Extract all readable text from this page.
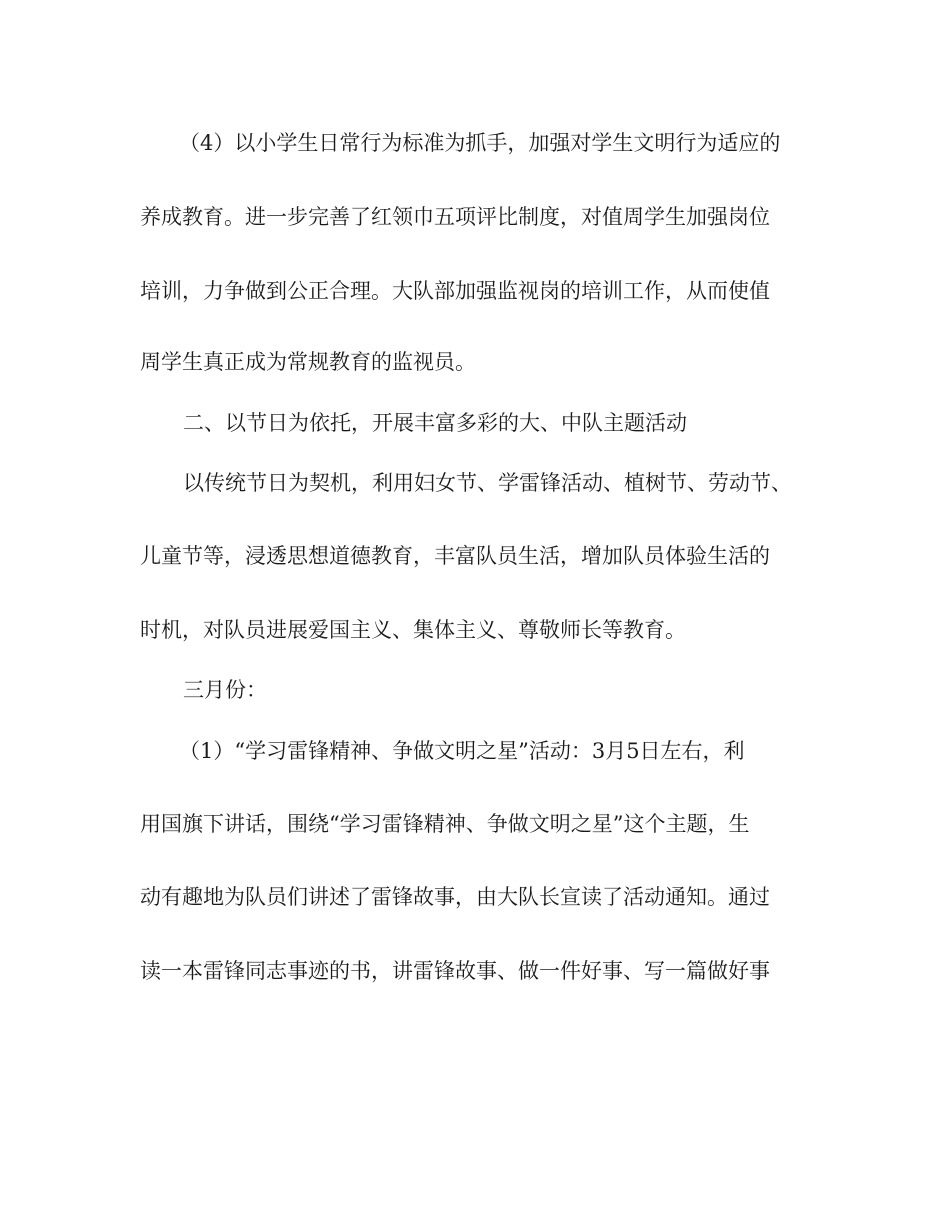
（4）以小学生日常行为标准为抓手，加强对学生文明行为适应的
养成教育。进一步完善了红领巾五项评比制度，对值周学生加强岗位
培训，力争做到公正合理。大队部加强监视岗的培训工作，从而使值
周学生真正成为常规教育的监视员。
二、以节日为依托，开展丰富多彩的大、中队主题活动
以传统节日为契机，利用妇女节、学雷锋活动、植树节、劳动节、
儿童节等，浸透思想道德教育，丰富队员生活，增加队员体验生活的
时机，对队员进展爱国主义、集体主义、尊敬师长等教育。
三月份：
（1）“学习雷锋精神、争做文明之星”活动：3月5日左右，利
用国旗下讲话，围绕“学习雷锋精神、争做文明之星”这个主题，生
动有趣地为队员们讲述了雷锋故事，由大队长宣读了活动通知。通过
读一本雷锋同志事迹的书，讲雷锋故事、做一件好事、写一篇做好事
